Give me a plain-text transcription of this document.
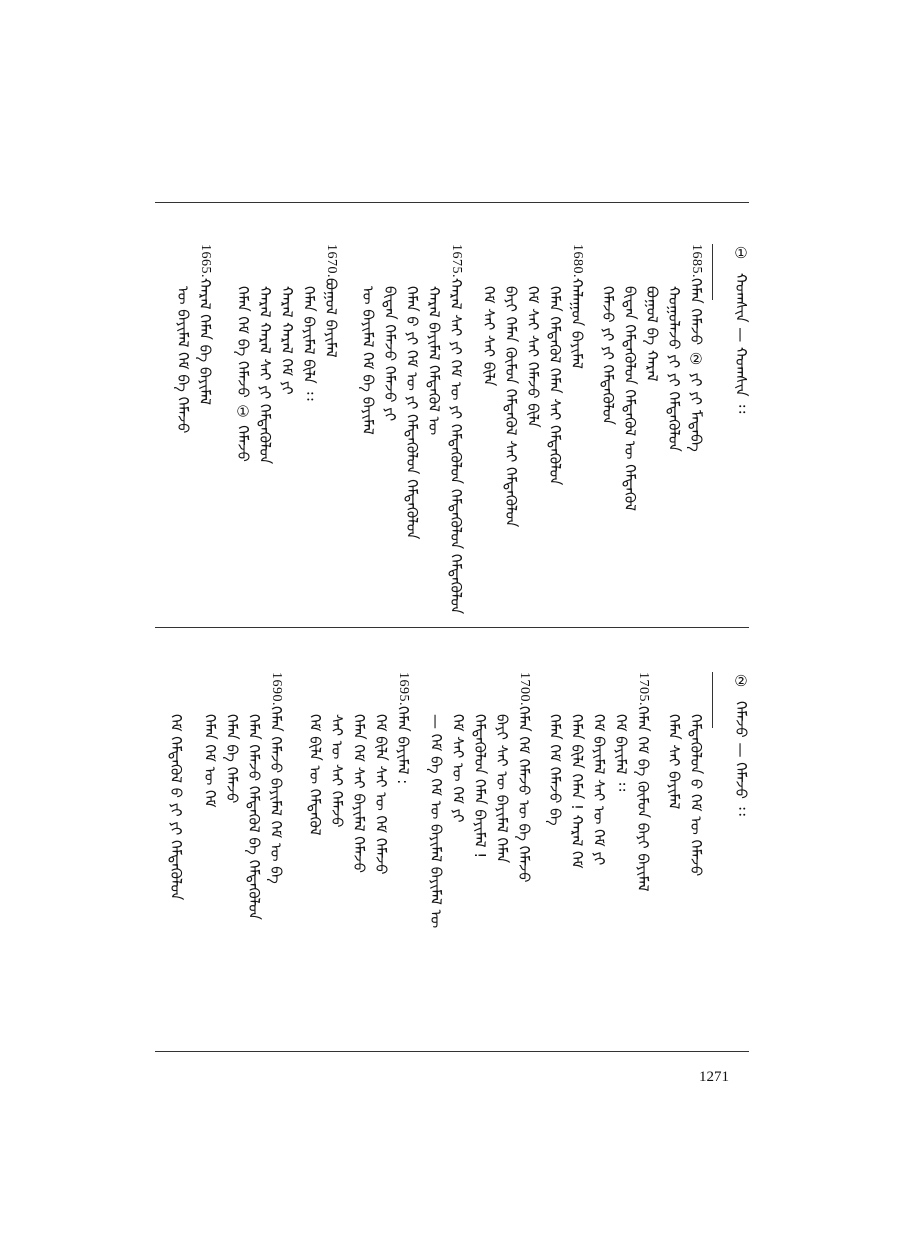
① ᠬᠤᠭᠰᠢᠨ — ᠬᠤᠭᠰᠢᠨ ᠄᠄
1685.ᠬᠡᠮᠡᠨ ᠬᠡᠮᠡᠵᠦ ② ᠶᠢ ᠶᠢ ᠮᠠᠲᠠᠪᠠ
ᠬᠤᠭᠤᠯᠠᠵᠤ ᠶᠢ ᠶᠢ ᠭᠡᠮᠲᠡᠭᠦᠯᠦᠨ
ᠪᠣᠭᠣᠯ ᠪᠠ ᠬᠠᠷᠠᠯ
ᠪᠢᠳᠡᠨ ᠭᠡᠮᠲᠡᠭᠦᠯᠦᠨ ᠭᠡᠮᠲᠡᠭᠦᠯ ᠦ ᠭᠡᠮᠲᠡᠭᠦᠯ
ᠬᠡᠮᠡᠵᠦ ᠶᠢ ᠶᠢ ᠭᠡᠮᠲᠡᠭᠦᠯᠦᠨ
1680.ᠬᠠᠯᠠᠭᠤᠨ ᠪᠠᠶᠢᠮᠠᠯ
ᠬᠡᠮᠡᠨ ᠭᠡᠮᠲᠡᠭᠦᠯ ᠬᠡᠮᠡᠨ ᠰᠠᠢ ᠭᠡᠮᠲᠡᠭᠦᠯᠦᠨ
ᠬᠡᠮ ᠰᠠᠢ ᠰᠠᠢ ᠬᠡᠮᠡᠵᠦ ᠪᠢᠯᠡ
ᠪᠠᠶᠢ ᠬᠡᠮᠡᠨ ᠬᠦᠮᠦᠨ ᠭᠡᠮᠲᠡᠭᠦᠯ ᠰᠠᠢ ᠭᠡᠮᠲᠡᠭᠦᠯᠦᠨ
ᠬᠡᠮ ᠰᠠᠢ ᠰᠠᠢ ᠪᠢᠯᠡ
1675.ᠬᠠᠷᠠᠯ ᠰᠠᠢ ᠶᠢ ᠬᠡᠮ ᠦ ᠶᠢ ᠭᠡᠮᠲᠡᠭᠦᠯᠦᠨ ᠭᠡᠮᠲᠡᠭᠦᠯᠦᠨ ᠭᠡᠮᠲᠡᠭᠦᠯᠦᠨ
ᠬᠠᠷᠠᠯ ᠪᠠᠶᠢᠮᠠᠯ ᠭᠡᠮᠲᠡᠭᠦᠯ ᠦ
ᠬᠡᠮᠡᠨ ᠪ ᠶᠢ ᠬᠡᠮ ᠦ ᠶᠢ ᠭᠡᠮᠲᠡᠭᠦᠯᠦᠨ ᠭᠡᠮᠲᠡᠭᠦᠯᠦᠨ
ᠪᠢᠳᠡᠨ ᠬᠡᠮᠡᠵᠦ ᠬᠡᠮᠡᠵᠦ ᠶᠢ
ᠦ ᠪᠠᠶᠢᠮᠠᠯ ᠬᠡᠮ ᠪᠠ ᠪᠠᠶᠢᠮᠠᠯ
1670.ᠪᠣᠭᠣᠯ ᠪᠠᠶᠢᠮᠠᠯ
ᠬᠡᠮᠡᠨ ᠪᠠᠶᠢᠮᠠᠯ ᠪᠢᠯᠡ ᠄᠄
ᠬᠠᠷᠠᠯ ᠬᠠᠷᠠᠯ ᠬᠡᠮ ᠶᠢ
ᠬᠠᠷᠠᠯ ᠬᠠᠷᠠᠯ ᠰᠠᠢ ᠶᠢ ᠭᠡᠮᠲᠡᠭᠦᠯᠦᠨ
ᠬᠡᠮᠡᠨ ᠬᠡᠮ ᠪᠠ ᠬᠡᠮᠡᠵᠦ ① ᠬᠡᠮᠡᠵᠦ
1665.ᠬᠠᠷᠠᠯ ᠬᠡᠮᠡᠨ ᠪᠠ ᠪᠠᠶᠢᠮᠠᠯ
ᠦ ᠪᠠᠶᠢᠮᠠᠯ ᠬᠡᠮ ᠪᠠ ᠬᠡᠮᠡᠵᠦ
② ᠬᠡᠮᠡᠵᠦ — ᠬᠡᠮᠡᠵᠦ ᠄᠄
ᠭᠡᠮᠲᠡᠭᠦᠯᠦᠨ ᠪ ᠬᠡᠮ ᠦ ᠬᠡᠮᠡᠵᠦ
ᠬᠡᠮᠡᠨ ᠰᠠᠢ ᠪᠠᠶᠢᠮᠠᠯ
1705.ᠬᠡᠮᠡᠨ ᠬᠡᠮ ᠪᠠ ᠬᠦᠮᠦᠨ ᠪᠠᠶᠢ ᠪᠠᠶᠢᠮᠠᠯ
ᠬᠡᠮ ᠪᠠᠶᠢᠮᠠᠯ ᠄᠄
ᠬᠡᠮ ᠪᠠᠶᠢᠮᠠᠯ ᠰᠠᠢ ᠦ ᠬᠡᠮ ᠶᠢ
ᠬᠡᠮᠡᠨ ᠪᠢᠯᠡ ᠬᠡᠮᠡᠨ ! ᠬᠠᠷᠠᠯ ᠬᠡᠮ
ᠬᠡᠮᠡᠨ ᠬᠡᠮ ᠬᠡᠮᠡᠵᠦ ᠪᠠ
1700.ᠬᠡᠮᠡᠨ ᠬᠡᠮ ᠬᠡᠮᠡᠵᠦ ᠦ ᠪᠠ ᠬᠡᠮᠡᠵᠦ
ᠪᠠᠶᠢ ᠰᠠᠢ ᠦ ᠪᠠᠶᠢᠮᠠᠯ ᠬᠡᠮᠡᠨ
ᠭᠡᠮᠲᠡᠭᠦᠯᠦᠨ ᠬᠡᠮᠡᠨ ᠪᠠᠶᠢᠮᠠᠯ !
ᠬᠡᠮ ᠰᠠᠢ ᠦ ᠬᠡᠮ ᠶᠢ
— ᠬᠡᠮ ᠪᠠ ᠬᠡᠮ ᠦ ᠪᠠᠶᠢᠮᠠᠯ ᠪᠠᠶᠢᠮᠠᠯ ᠦ
1695.ᠬᠡᠮᠡᠨ ᠪᠠᠶᠢᠮᠠᠯ :
ᠬᠡᠮ ᠪᠢᠯᠡ ᠰᠠᠢ ᠦ ᠬᠡᠮ ᠬᠡᠮᠡᠵᠦ
ᠬᠡᠮᠡᠨ ᠬᠡᠮ ᠰᠠᠢ ᠪᠠᠶᠢᠮᠠᠯ ᠬᠡᠮᠡᠵᠦ
ᠰᠠᠢ ᠦ ᠰᠠᠢ ᠬᠡᠮᠡᠵᠦ
ᠬᠡᠮ ᠪᠢᠯᠡ ᠦ ᠭᠡᠮᠲᠡᠭᠦᠯ
1690.ᠬᠡᠮᠡᠨ ᠬᠡᠮᠡᠵᠦ ᠪᠠᠶᠢᠮᠠᠯ ᠬᠡᠮ ᠦ ᠪᠠ
ᠬᠡᠮᠡᠨ ᠬᠡᠮᠡᠵᠦ ᠭᠡᠮᠲᠡᠭᠦᠯ ᠪᠠ ᠭᠡᠮᠲᠡᠭᠦᠯᠦᠨ
ᠬᠡᠮᠡᠨ ᠪᠠ ᠬᠡᠮᠡᠵᠦ
ᠬᠡᠮᠡᠨ ᠬᠡᠮ ᠦ ᠬᠡᠮ
ᠬᠡᠮ ᠭᠡᠮᠲᠡᠭᠦᠯ ᠪ ᠶᠢ ᠶᠢ ᠭᠡᠮᠲᠡᠭᠦᠯᠦᠨ
1271
